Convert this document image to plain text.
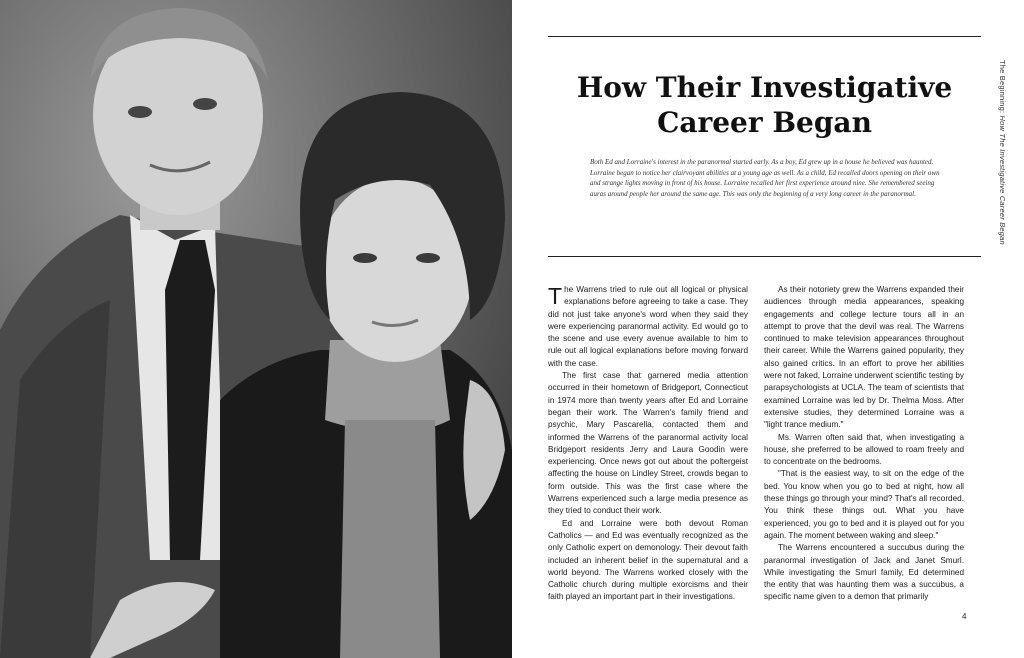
How Their Investigative
Career Began

Both Ed and Lorraine's interest in the paranormal started early. As a boy, Ed grew up in a house he believed was haunted. Lorraine began to notice her clairvoyant abilities at a young age as well. As a child, Ed recalled doors opening on their own and strange lights moving in front of his house. Lorraine recalled her first experience around nine. She remembered seeing auras around people her around the same age. This was only the beginning of a very long career in the paranormal.

The Beginning: How The Investigative Career Began

The Warrens tried to rule out all logical or physical explanations before agreeing to take a case. They did not just take anyone's word when they said they were experiencing paranormal activity. Ed would go to the scene and use every avenue available to him to rule out all logical explanations before moving forward with the case.

The first case that garnered media attention occurred in their hometown of Bridgeport, Connecticut in 1974 more than twenty years after Ed and Lorraine began their work. The Warren's family friend and psychic, Mary Pascarella, contacted them and informed the Warrens of the paranormal activity local Bridgeport residents Jerry and Laura Goodin were experiencing. Once news got out about the poltergeist affecting the house on Lindley Street, crowds began to form outside. This was the first case where the Warrens experienced such a large media presence as they tried to conduct their work.

Ed and Lorraine were both devout Roman Catholics — and Ed was eventually recognized as the only Catholic expert on demonology. Their devout faith included an inherent belief in the supernatural and a world beyond. The Warrens worked closely with the Catholic church during multiple exorcisms and their faith played an important part in their investigations.

As their notoriety grew the Warrens expanded their audiences through media appearances, speaking engagements and college lecture tours all in an attempt to prove that the devil was real. The Warrens continued to make television appearances throughout their career. While the Warrens gained popularity, they also gained critics. In an effort to prove her abilities were not faked, Lorraine underwent scientific testing by parapsychologists at UCLA. The team of scientists that examined Lorraine was led by Dr. Thelma Moss. After extensive studies, they determined Lorraine was a "light trance medium."

Ms. Warren often said that, when investigating a house, she preferred to be allowed to roam freely and to concentrate on the bedrooms.

"That is the easiest way, to sit on the edge of the bed. You know when you go to bed at night, how all these things go through your mind? That's all recorded. You think these things out. What you have experienced, you go to bed and it is played out for you again. The moment between waking and sleep."

The Warrens encountered a succubus during the paranormal investigation of Jack and Janet Smurl. While investigating the Smurl family, Ed determined the entity that was haunting them was a succubus, a specific name given to a demon that primarily

4
